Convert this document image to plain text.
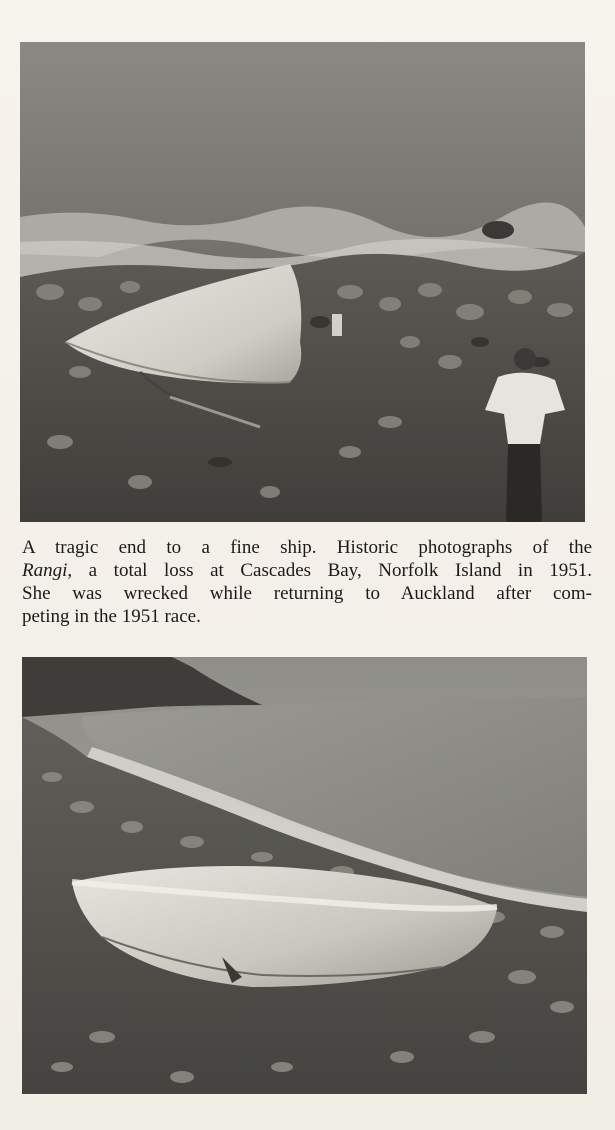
A tragic end to a fine ship. Historic photographs of the
Rangi, a total loss at Cascades Bay, Norfolk Island in 1951.
She was wrecked while returning to Auckland after com-
peting in the 1951 race.
